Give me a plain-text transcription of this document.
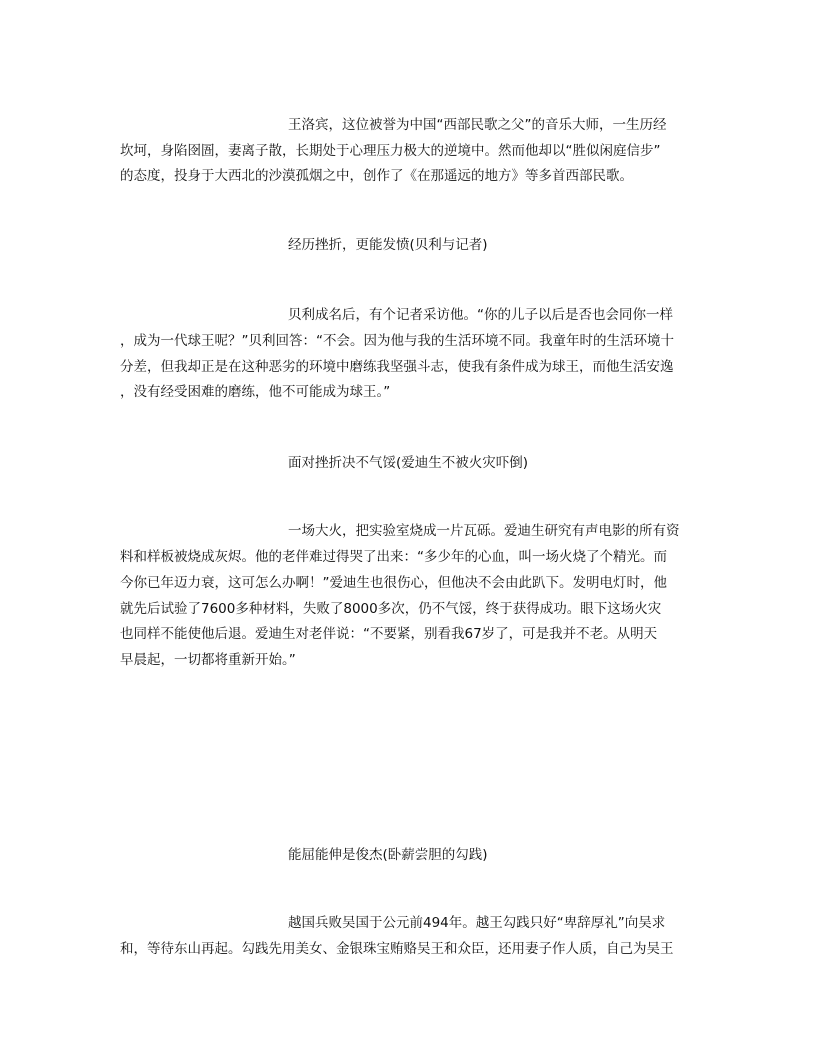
王洛宾，这位被誉为中国“西部民歌之父”的音乐大师，一生历经
坎坷，身陷囹圄，妻离子散，长期处于心理压力极大的逆境中。然而他却以“胜似闲庭信步”
的态度，投身于大西北的沙漠孤烟之中，创作了《在那遥远的地方》等多首西部民歌。
经历挫折，更能发愤(贝利与记者)
贝利成名后，有个记者采访他。“你的儿子以后是否也会同你一样
，成为一代球王呢？”贝利回答：“不会。因为他与我的生活环境不同。我童年时的生活环境十
分差，但我却正是在这种恶劣的环境中磨练我坚强斗志，使我有条件成为球王，而他生活安逸
，没有经受困难的磨练，他不可能成为球王。”
面对挫折决不气馁(爱迪生不被火灾吓倒)
一场大火，把实验室烧成一片瓦砾。爱迪生研究有声电影的所有资
料和样板被烧成灰烬。他的老伴难过得哭了出来：“多少年的心血，叫一场火烧了个精光。而
今你已年迈力衰，这可怎么办啊！”爱迪生也很伤心，但他决不会由此趴下。发明电灯时，他
就先后试验了7600多种材料，失败了8000多次，仍不气馁，终于获得成功。眼下这场火灾
也同样不能使他后退。爱迪生对老伴说：“不要紧，别看我67岁了，可是我并不老。从明天
早晨起，一切都将重新开始。”
能屈能伸是俊杰(卧薪尝胆的勾践)
越国兵败吴国于公元前494年。越王勾践只好“卑辞厚礼”向吴求
和，等待东山再起。勾践先用美女、金银珠宝贿赂吴王和众臣，还用妻子作人质，自己为吴王
